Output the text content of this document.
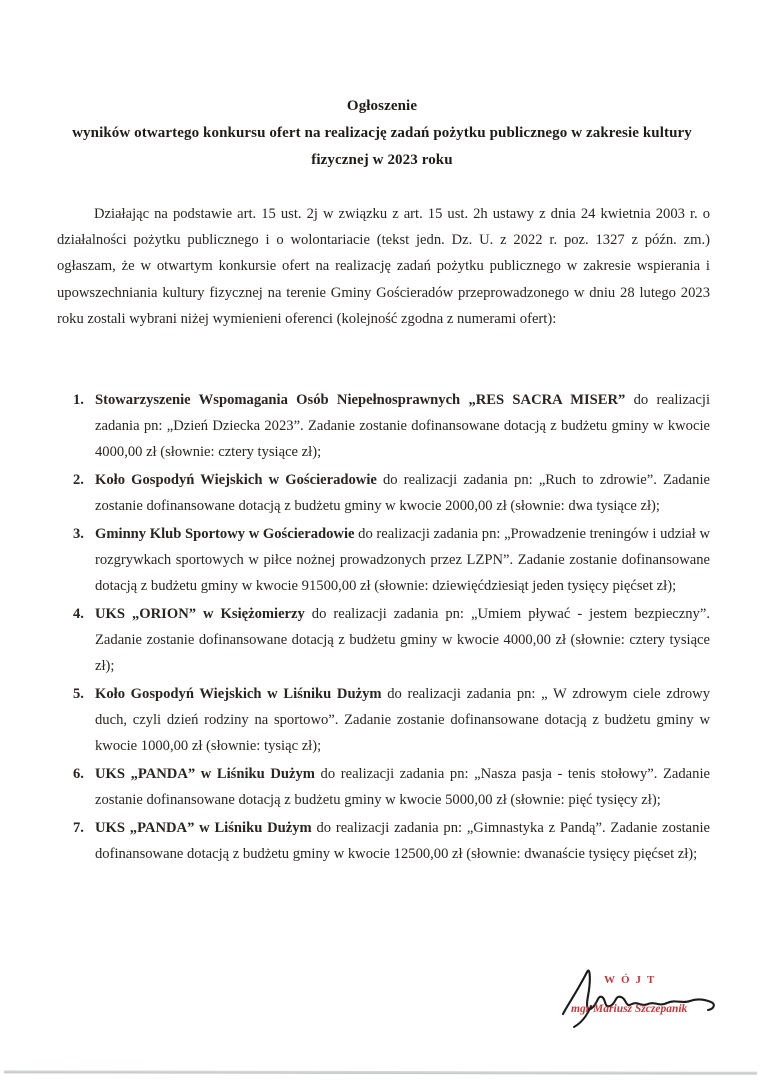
Ogłoszenie
wyników otwartego konkursu ofert na realizację zadań pożytku publicznego w zakresie kultury
fizycznej w 2023 roku

Działając na podstawie art. 15 ust. 2j w związku z art. 15 ust. 2h ustawy z dnia 24 kwietnia 2003 r. o działalności pożytku publicznego i o wolontariacie (tekst jedn. Dz. U. z 2022 r. poz. 1327 z późn. zm.) ogłaszam, że w otwartym konkursie ofert na realizację zadań pożytku publicznego w zakresie wspierania i upowszechniania kultury fizycznej na terenie Gminy Gościeradów przeprowadzonego w dniu 28 lutego 2023 roku zostali wybrani niżej wymienieni oferenci (kolejność zgodna z numerami ofert):

1. Stowarzyszenie Wspomagania Osób Niepełnosprawnych „RES SACRA MISER” do realizacji zadania pn: „Dzień Dziecka 2023”. Zadanie zostanie dofinansowane dotacją z budżetu gminy w kwocie 4000,00 zł (słownie: cztery tysiące zł);
2. Koło Gospodyń Wiejskich w Gościeradowie do realizacji zadania pn: „Ruch to zdrowie”. Zadanie zostanie dofinansowane dotacją z budżetu gminy w kwocie 2000,00 zł (słownie: dwa tysiące zł);
3. Gminny Klub Sportowy w Gościeradowie do realizacji zadania pn: „Prowadzenie treningów i udział w rozgrywkach sportowych w piłce nożnej prowadzonych przez LZPN”. Zadanie zostanie dofinansowane dotacją z budżetu gminy w kwocie 91500,00 zł (słownie: dziewięćdziesiąt jeden tysięcy pięćset zł);
4. UKS „ORION” w Księżomierzy do realizacji zadania pn: „Umiem pływać - jestem bezpieczny”. Zadanie zostanie dofinansowane dotacją z budżetu gminy w kwocie 4000,00 zł (słownie: cztery tysiące zł);
5. Koło Gospodyń Wiejskich w Liśniku Dużym do realizacji zadania pn: „ W zdrowym ciele zdrowy duch, czyli dzień rodziny na sportowo”. Zadanie zostanie dofinansowane dotacją z budżetu gminy w kwocie 1000,00 zł (słownie: tysiąc zł);
6. UKS „PANDA” w Liśniku Dużym do realizacji zadania pn: „Nasza pasja - tenis stołowy”. Zadanie zostanie dofinansowane dotacją z budżetu gminy w kwocie 5000,00 zł (słownie: pięć tysięcy zł);
7. UKS „PANDA” w Liśniku Dużym do realizacji zadania pn: „Gimnastyka z Pandą”. Zadanie zostanie dofinansowane dotacją z budżetu gminy w kwocie 12500,00 zł (słownie: dwanaście tysięcy pięćset zł);
WÓJT
mgr Mariusz Szczepanik
